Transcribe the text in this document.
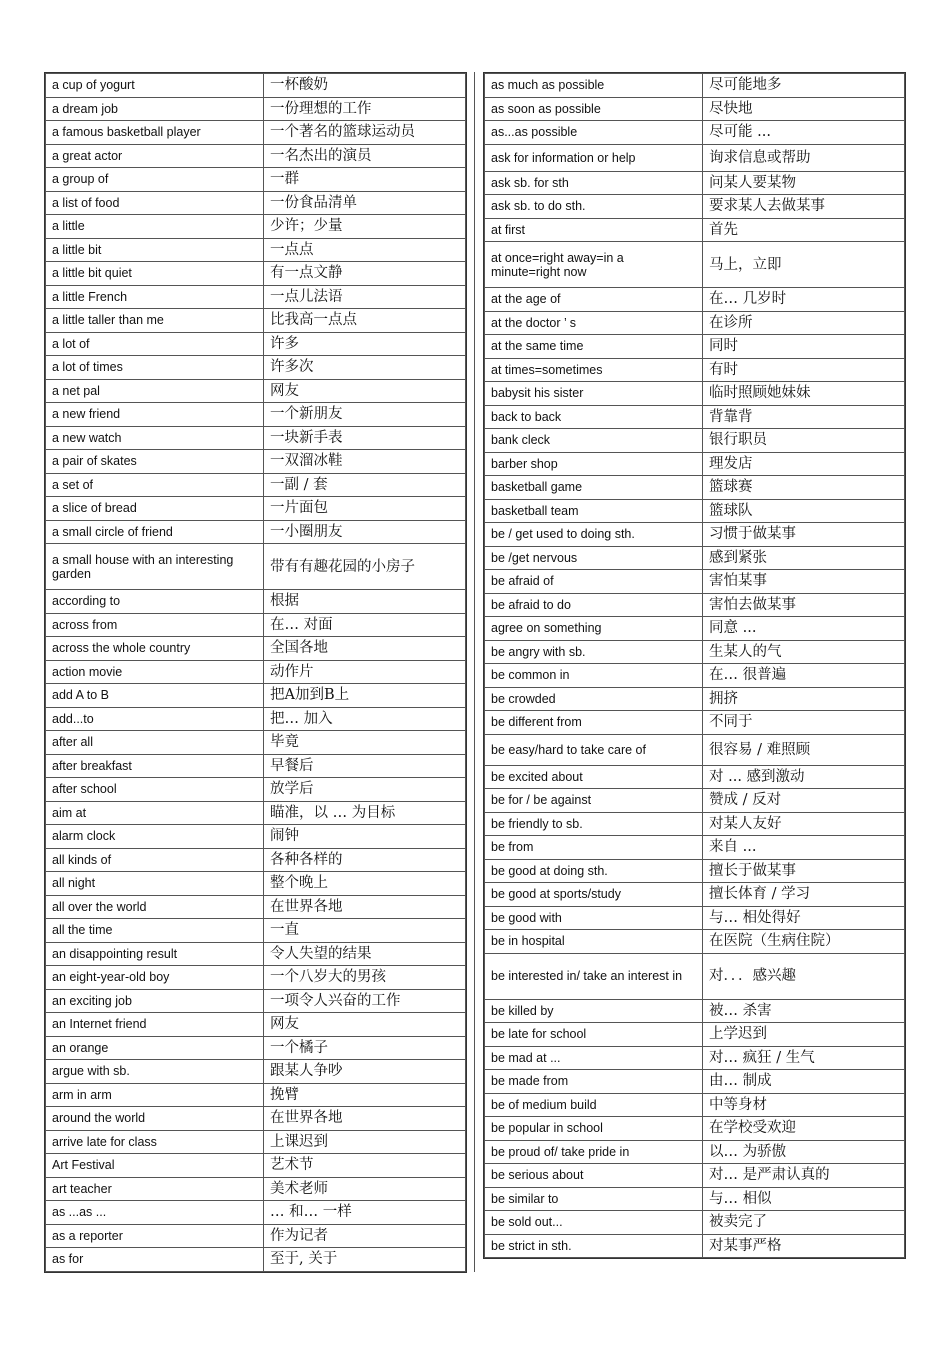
a cup of yogurt	一杯酸奶
a dream job	一份理想的工作
a famous basketball player	一个著名的篮球运动员
a great actor	一名杰出的演员
a group of	一群
a list of food	一份食品清单
a little	少许；少量
a little bit	一点点
a little bit quiet	有一点文静
a little French	一点儿法语
a little taller than me	比我高一点点
a lot of	许多
a lot of times	许多次
a net pal	网友
a new friend	一个新朋友
a new watch	一块新手表
a pair of skates	一双溜冰鞋
a set of	一副 / 套
a slice of bread	一片面包
a small circle of friend	一小圈朋友
a small house with an interesting garden	带有有趣花园的小房子
according to	根据
across from	在… 对面
across the whole country	全国各地
action movie	动作片
add A to B	把A加到B上
add...to	把… 加入
after all	毕竟
after breakfast	早餐后
after school	放学后
aim at	瞄准，以 … 为目标
alarm clock	闹钟
all kinds of	各种各样的
all night	整个晚上
all over the world	在世界各地
all the time	一直
an disappointing result	令人失望的结果
an eight-year-old boy	一个八岁大的男孩
an exciting job	一项令人兴奋的工作
an Internet friend	网友
an orange	一个橘子
argue with sb.	跟某人争吵
arm in arm	挽臂
around the world	在世界各地
arrive late for class	上课迟到
Art Festival	艺术节
art teacher	美术老师
as ...as ...	… 和… 一样
as a reporter	作为记者
as for	至于, 关于
as much as possible	尽可能地多
as soon as possible	尽快地
as...as possible	尽可能 ...
ask for information or help	询求信息或帮助
ask sb. for sth	问某人要某物
ask sb. to do sth.	要求某人去做某事
at first	首先
at once=right away=in a minute=right now	马上，立即
at the age of	在… 几岁时
at the doctor ’ s	在诊所
at the same time	同时
at times=sometimes	有时
babysit his sister	临时照顾她妹妹
back to back	背靠背
bank cleck	银行职员
barber shop	理发店
basketball game	篮球赛
basketball team	篮球队
be / get used to doing sth.	习惯于做某事
be /get nervous	感到紧张
be afraid of	害怕某事
be afraid to do	害怕去做某事
agree on something	同意 ...
be angry with sb.	生某人的气
be common in	在… 很普遍
be crowded	拥挤
be different from	不同于
be easy/hard to take care of	很容易 / 难照顾
be excited about	对 ... 感到激动
be for / be against	赞成 / 反对
be friendly to sb.	对某人友好
be from	来自 ...
be good at doing sth.	擅长于做某事
be good at sports/study	擅长体育 / 学习
be good with	与… 相处得好
be in hospital	在医院（生病住院）
be interested in/ take an interest in	对．．．感兴趣
be killed by	被… 杀害
be late for school	上学迟到
be mad at ...	对… 疯狂 / 生气
be made from	由… 制成
be of medium build	中等身材
be popular in school	在学校受欢迎
be proud of/ take pride in	以… 为骄傲
be serious about	对… 是严肃认真的
be similar to	与… 相似
be sold out...	被卖完了
be strict in sth.	对某事严格
